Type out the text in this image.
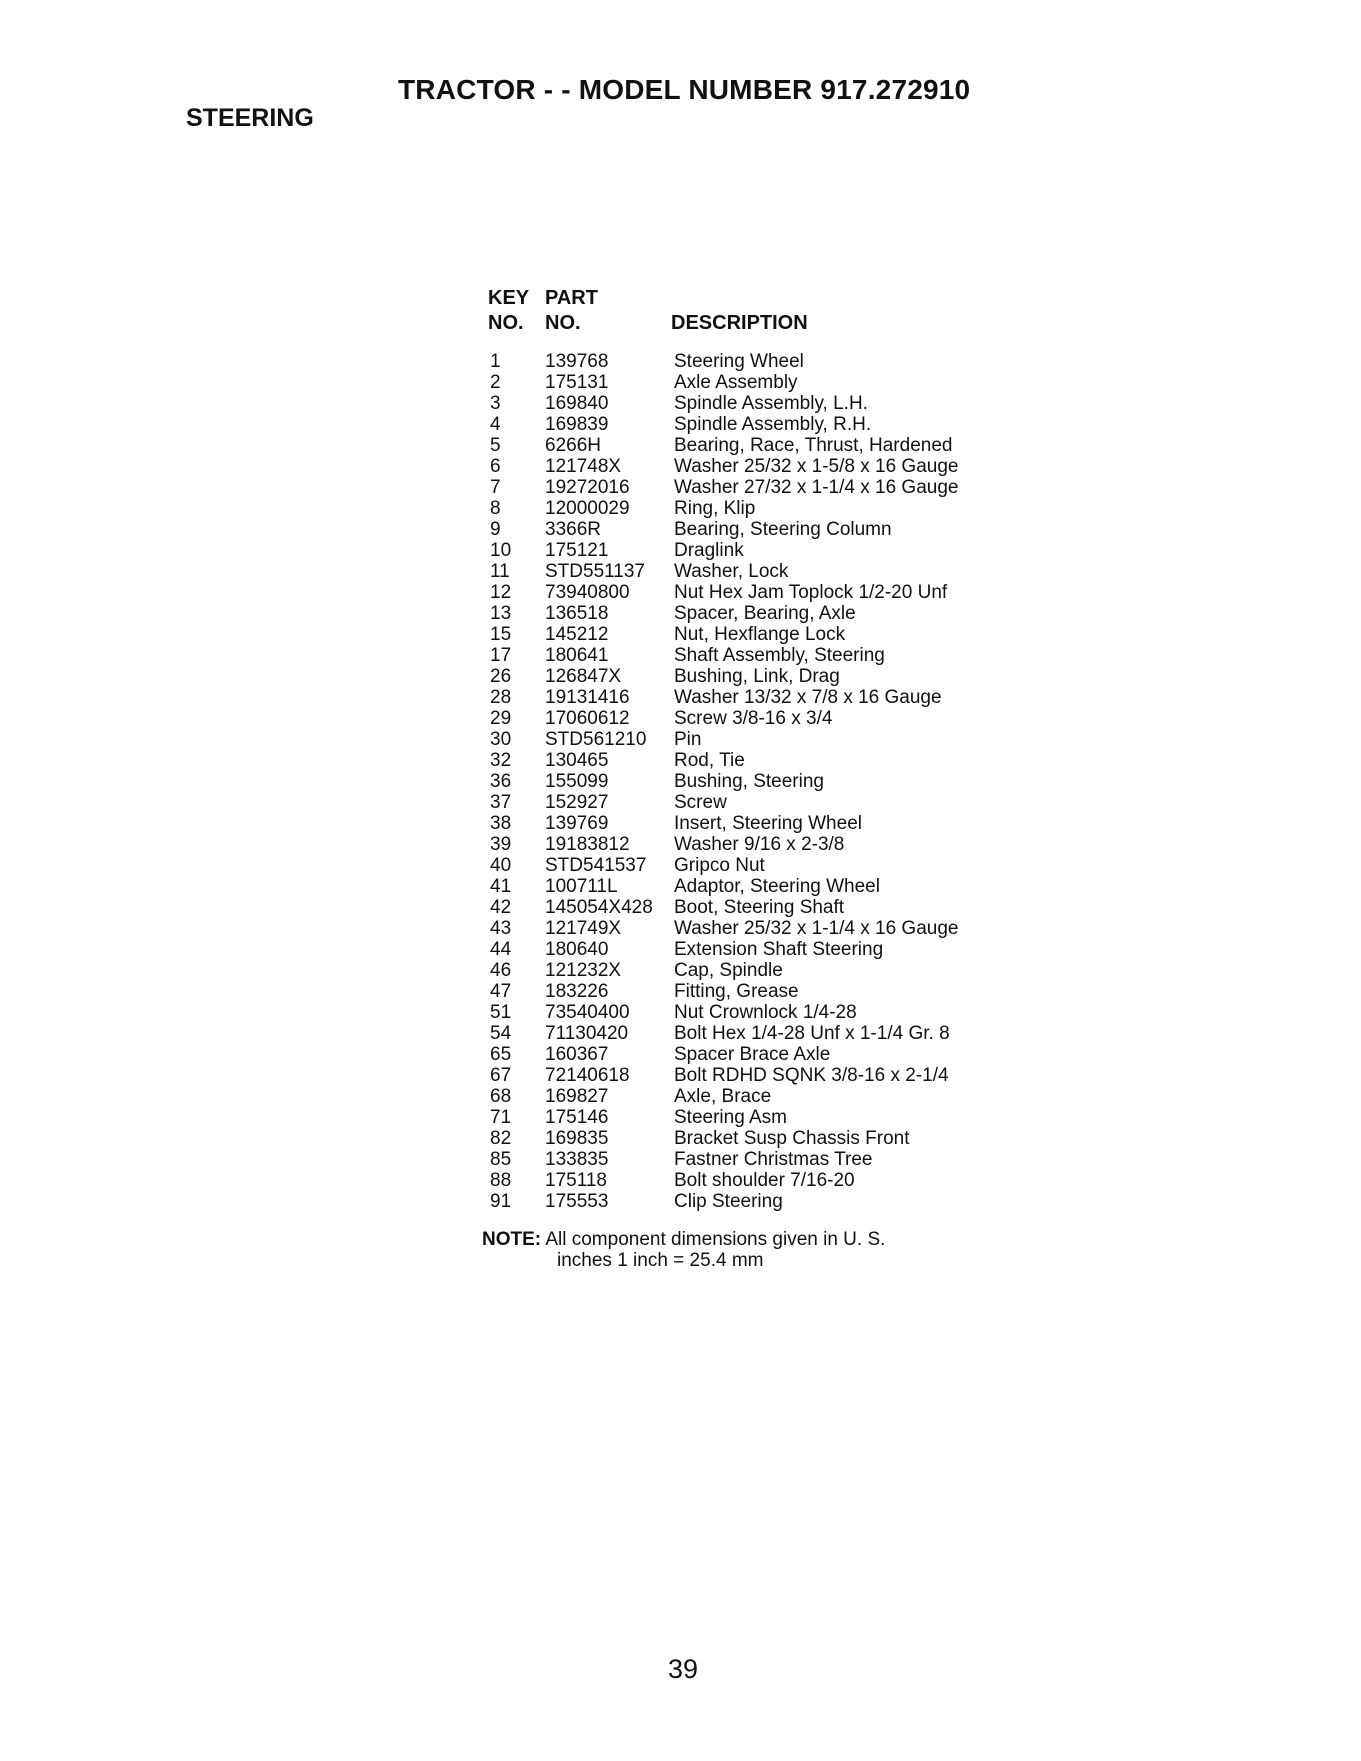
TRACTOR - - MODEL NUMBER 917.272910
STEERING
KEY PART
NO. NO.	DESCRIPTION
1 139768	Steering Wheel
2 175131	Axle Assembly
3 169840	Spindle Assembly, L.H.
4 169839	Spindle Assembly, R.H.
5 6266H	Bearing, Race, Thrust, Hardened
6 121748X	Washer 25/32 x 1-5/8 x 16 Gauge
7 19272016 Washer 27/32 x 1-1/4 x 16 Gauge
8 12000029 Ring, Klip
9 3366R	Bearing, Steering Column
10 175121	Draglink
11 STD551137 Washer, Lock
12 73940800 Nut Hex Jam Toplock 1/2-20 Unf
13 136518	Spacer, Bearing, Axle
15 145212	Nut, Hexflange Lock
17 180641	Shaft Assembly, Steering
26 126847X	Bushing, Link, Drag
28 19131416 Washer 13/32 x 7/8 x 16 Gauge
29 17060612 Screw 3/8-16 x 3/4
30 STD561210 Pin
32 130465	Rod, Tie
36 155099	Bushing, Steering
37 152927	Screw
38 139769	Insert, Steering Wheel
39 19183812 Washer 9/16 x 2-3/8
40 STD541537 Gripco Nut
41 100711L	Adaptor, Steering Wheel
42 145054X428 Boot, Steering Shaft
43 121749X	Washer 25/32 x 1-1/4 x 16 Gauge
44 180640	Extension Shaft Steering
46 121232X	Cap, Spindle
47 183226	Fitting, Grease
51 73540400 Nut Crownlock 1/4-28
54 71130420 Bolt Hex 1/4-28 Unf x 1-1/4 Gr. 8
65 160367	Spacer Brace Axle
67 72140618 Bolt RDHD SQNK 3/8-16 x 2-1/4
68 169827	Axle, Brace
71 175146	Steering Asm
82 169835	Bracket Susp Chassis Front
85 133835	Fastner Christmas Tree
88 175118	Bolt shoulder 7/16-20
91 175553	Clip Steering
NOTE: All component dimensions given in U. S.
inches 1 inch = 25.4 mm
39
